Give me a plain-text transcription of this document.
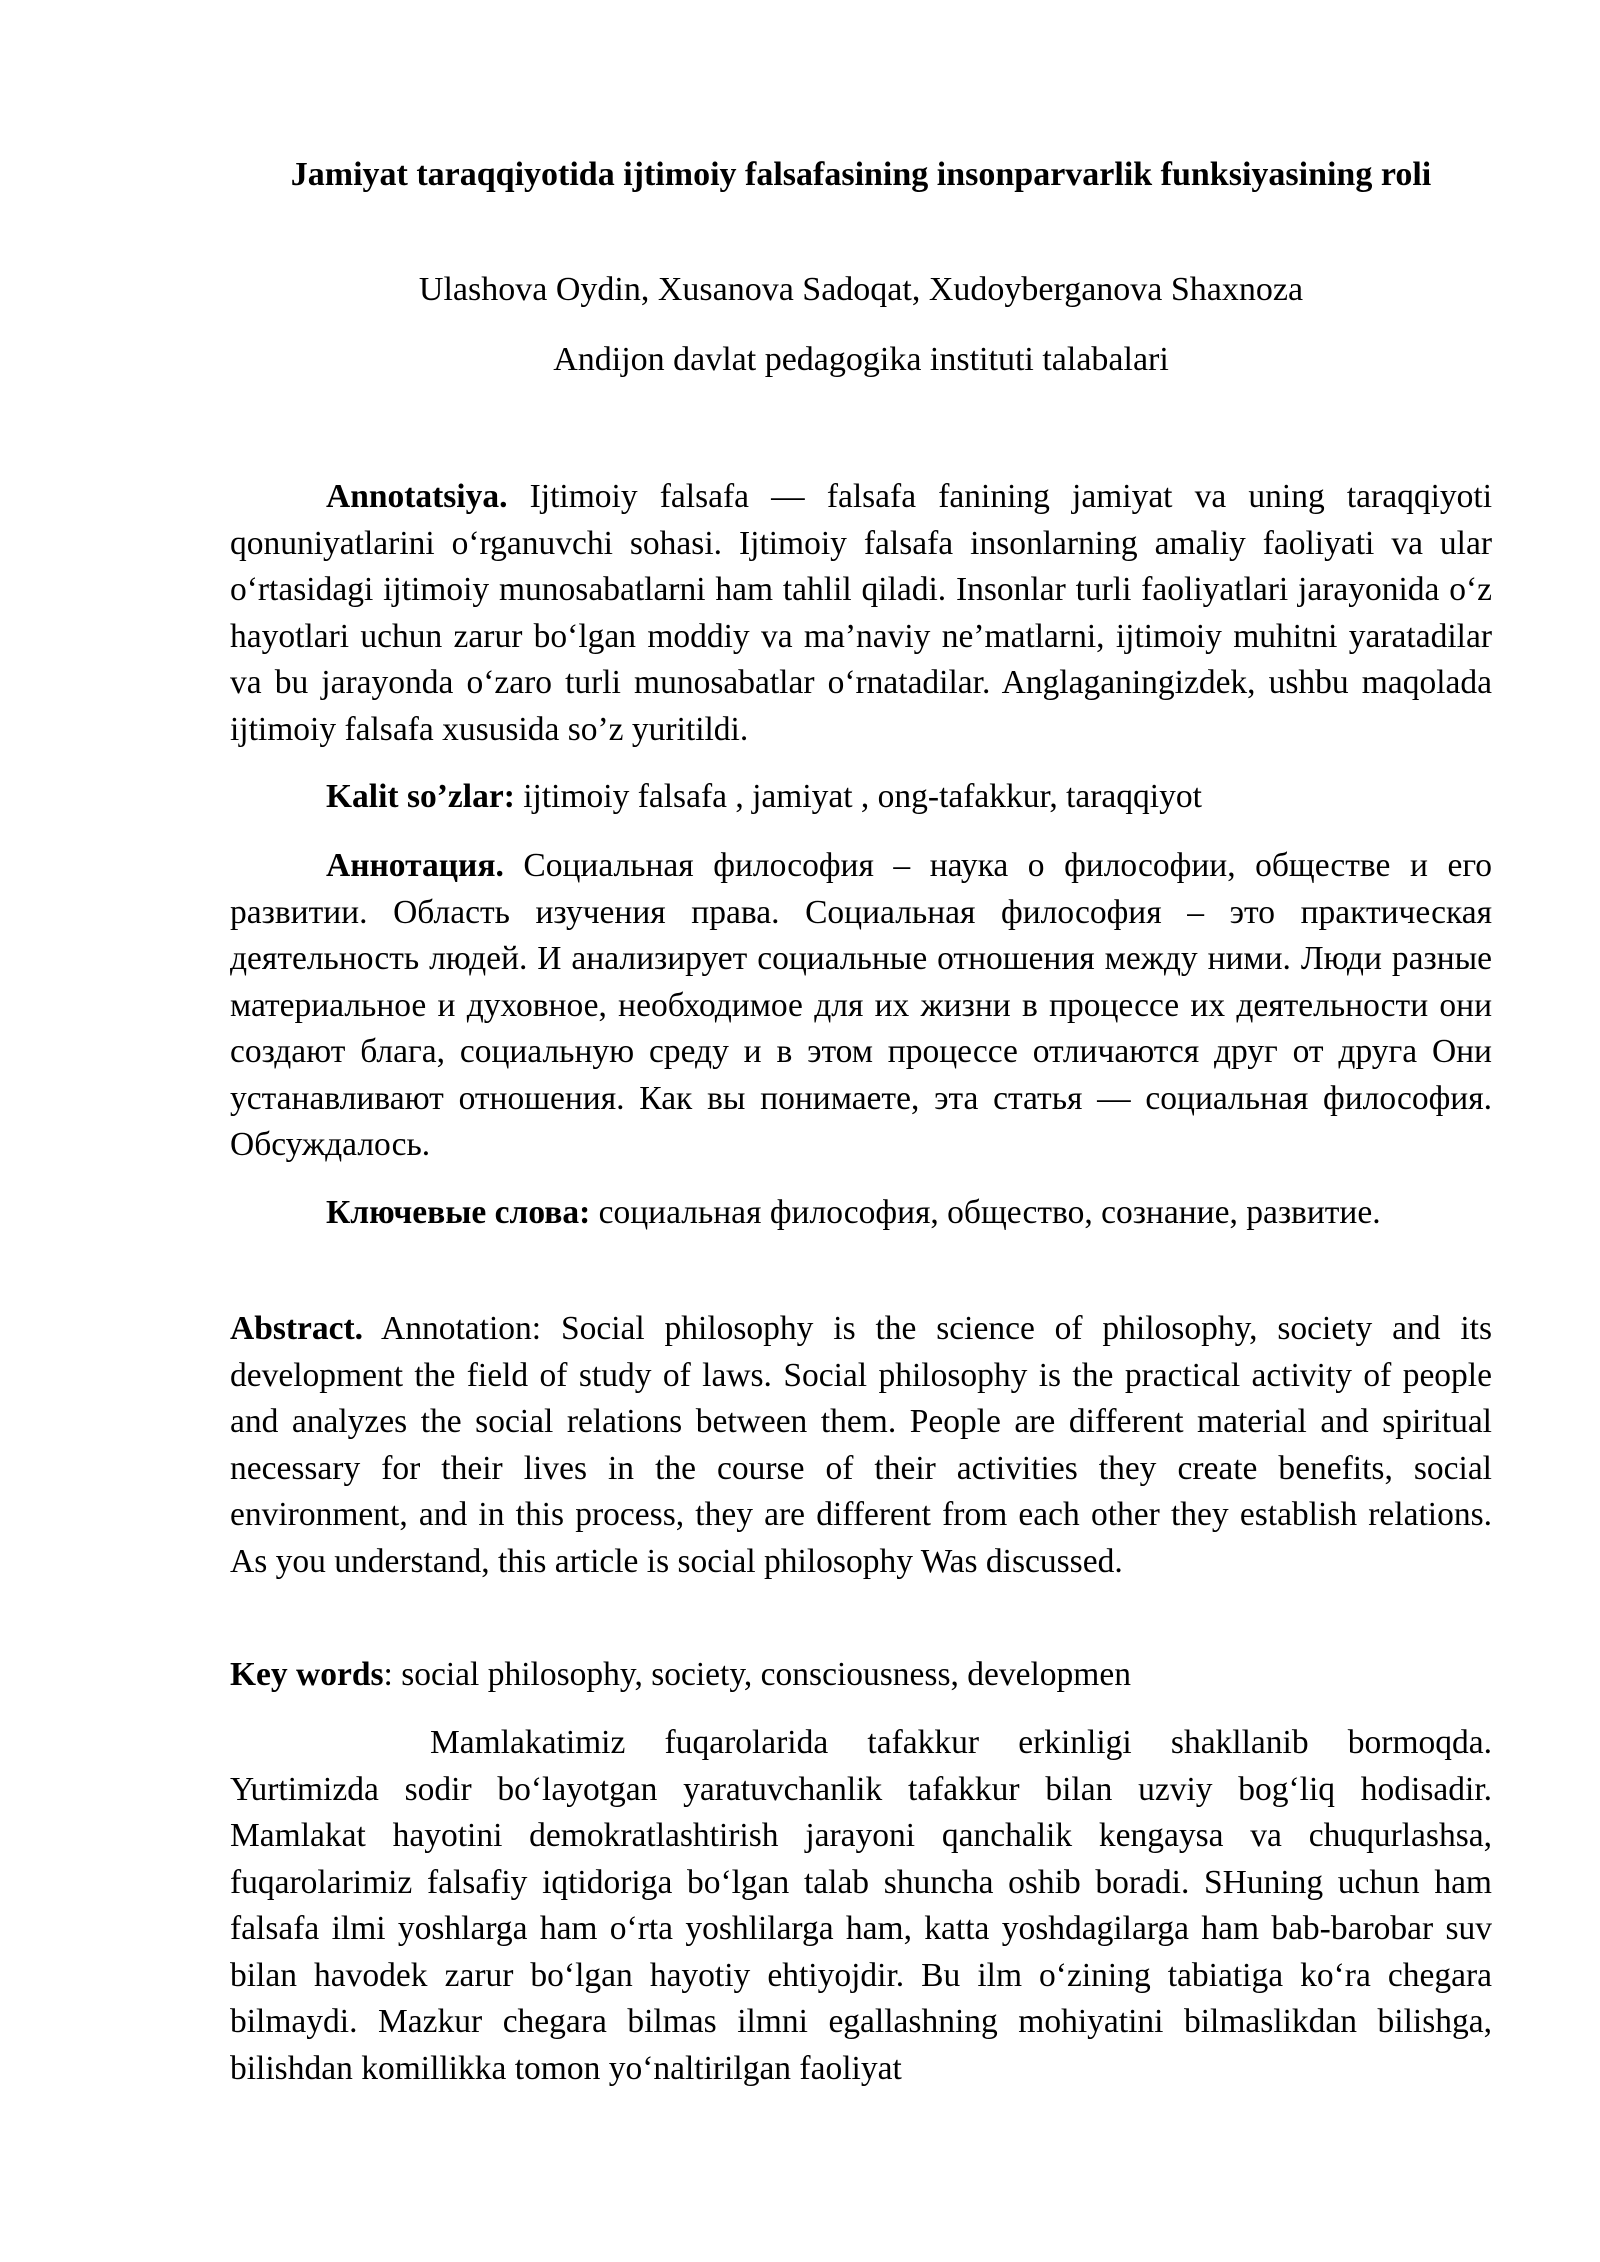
Jamiyat taraqqiyotida ijtimoiy falsafasining insonparvarlik funksiyasining roli
Ulashova Oydin, Xusanova Sadoqat, Xudoyberganova Shaxnoza
Andijon davlat pedagogika instituti talabalari
Annotatsiya. Ijtimoiy falsafa — falsafa fanining jamiyat va uning taraqqiyoti qonuniyatlarini o‘rganuvchi sohasi. Ijtimoiy falsafa insonlarning amaliy faoliyati va ular o‘rtasidagi ijtimoiy munosabatlarni ham tahlil qiladi. Insonlar turli faoliyatlari jarayonida o‘z hayotlari uchun zarur bo‘lgan moddiy va ma’naviy ne’matlarni, ijtimoiy muhitni yaratadilar va bu jarayonda o‘zaro turli munosabatlar o‘rnatadilar. Anglaganingizdek, ushbu maqolada ijtimoiy falsafa xususida so’z yuritildi.
Kalit so’zlar: ijtimoiy falsafa , jamiyat , ong-tafakkur, taraqqiyot
Аннотация. Социальная философия – наука о философии, обществе и его развитии. Область изучения права. Социальная философия – это практическая деятельность людей. И анализирует социальные отношения между ними. Люди разные материальное и духовное, необходимое для их жизни в процессе их деятельности они создают блага, социальную среду и в этом процессе отличаются друг от друга Они устанавливают отношения. Как вы понимаете, эта статья — социальная философия. Обсуждалось.
Ключевые слова: социальная философия, общество, сознание, развитие.
Abstract. Annotation: Social philosophy is the science of philosophy, society and its development the field of study of laws. Social philosophy is the practical activity of people and analyzes the social relations between them. People are different material and spiritual necessary for their lives in the course of their activities they create benefits, social environment, and in this process, they are different from each other they establish relations. As you understand, this article is social philosophy Was discussed.
Key words: social philosophy, society, consciousness, developmen
Mamlakatimiz fuqarolarida tafakkur erkinligi shakllanib bormoqda. Yurtimizda sodir bo‘layotgan yaratuvchanlik tafakkur bilan uzviy bog‘liq hodisadir. Mamlakat hayotini demokratlashtirish jarayoni qanchalik kengaysa va chuqurlashsa, fuqarolarimiz falsafiy iqtidoriga bo‘lgan talab shuncha oshib boradi. SHuning uchun ham falsafa ilmi yoshlarga ham o‘rta yoshlilarga ham, katta yoshdagilarga ham bab-barobar suv bilan havodek zarur bo‘lgan hayotiy ehtiyojdir. Bu ilm o‘zining tabiatiga ko‘ra chegara bilmaydi. Mazkur chegara bilmas ilmni egallashning mohiyatini bilmaslikdan bilishga, bilishdan komillikka tomon yo‘naltirilgan faoliyat
